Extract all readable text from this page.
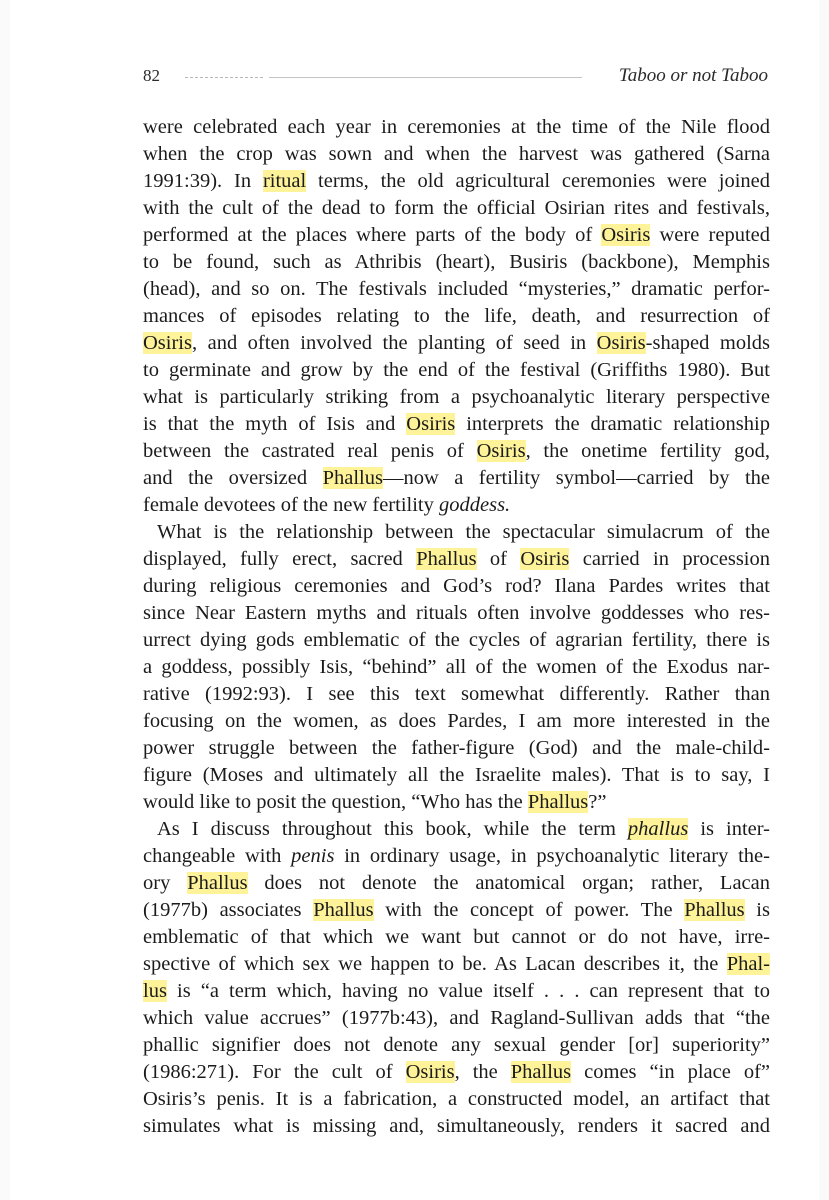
82	Taboo or not Taboo
were celebrated each year in ceremonies at the time of the Nile flood
when the crop was sown and when the harvest was gathered (Sarna
1991:39). In ritual terms, the old agricultural ceremonies were joined
with the cult of the dead to form the official Osirian rites and festivals,
performed at the places where parts of the body of Osiris were reputed
to be found, such as Athribis (heart), Busiris (backbone), Memphis
(head), and so on. The festivals included “mysteries,” dramatic perfor-
mances of episodes relating to the life, death, and resurrection of
Osiris, and often involved the planting of seed in Osiris-shaped molds
to germinate and grow by the end of the festival (Griffiths 1980). But
what is particularly striking from a psychoanalytic literary perspective
is that the myth of Isis and Osiris interprets the dramatic relationship
between the castrated real penis of Osiris, the onetime fertility god,
and the oversized Phallus—now a fertility symbol—carried by the
female devotees of the new fertility goddess.
What is the relationship between the spectacular simulacrum of the
displayed, fully erect, sacred Phallus of Osiris carried in procession
during religious ceremonies and God’s rod? Ilana Pardes writes that
since Near Eastern myths and rituals often involve goddesses who res-
urrect dying gods emblematic of the cycles of agrarian fertility, there is
a goddess, possibly Isis, “behind” all of the women of the Exodus nar-
rative (1992:93). I see this text somewhat differently. Rather than
focusing on the women, as does Pardes, I am more interested in the
power struggle between the father-figure (God) and the male-child-
figure (Moses and ultimately all the Israelite males). That is to say, I
would like to posit the question, “Who has the Phallus?”
As I discuss throughout this book, while the term phallus is inter-
changeable with penis in ordinary usage, in psychoanalytic literary the-
ory Phallus does not denote the anatomical organ; rather, Lacan
(1977b) associates Phallus with the concept of power. The Phallus is
emblematic of that which we want but cannot or do not have, irre-
spective of which sex we happen to be. As Lacan describes it, the Phal-
lus is “a term which, having no value itself . . . can represent that to
which value accrues” (1977b:43), and Ragland-Sullivan adds that “the
phallic signifier does not denote any sexual gender [or] superiority”
(1986:271). For the cult of Osiris, the Phallus comes “in place of”
Osiris’s penis. It is a fabrication, a constructed model, an artifact that
simulates what is missing and, simultaneously, renders it sacred and
